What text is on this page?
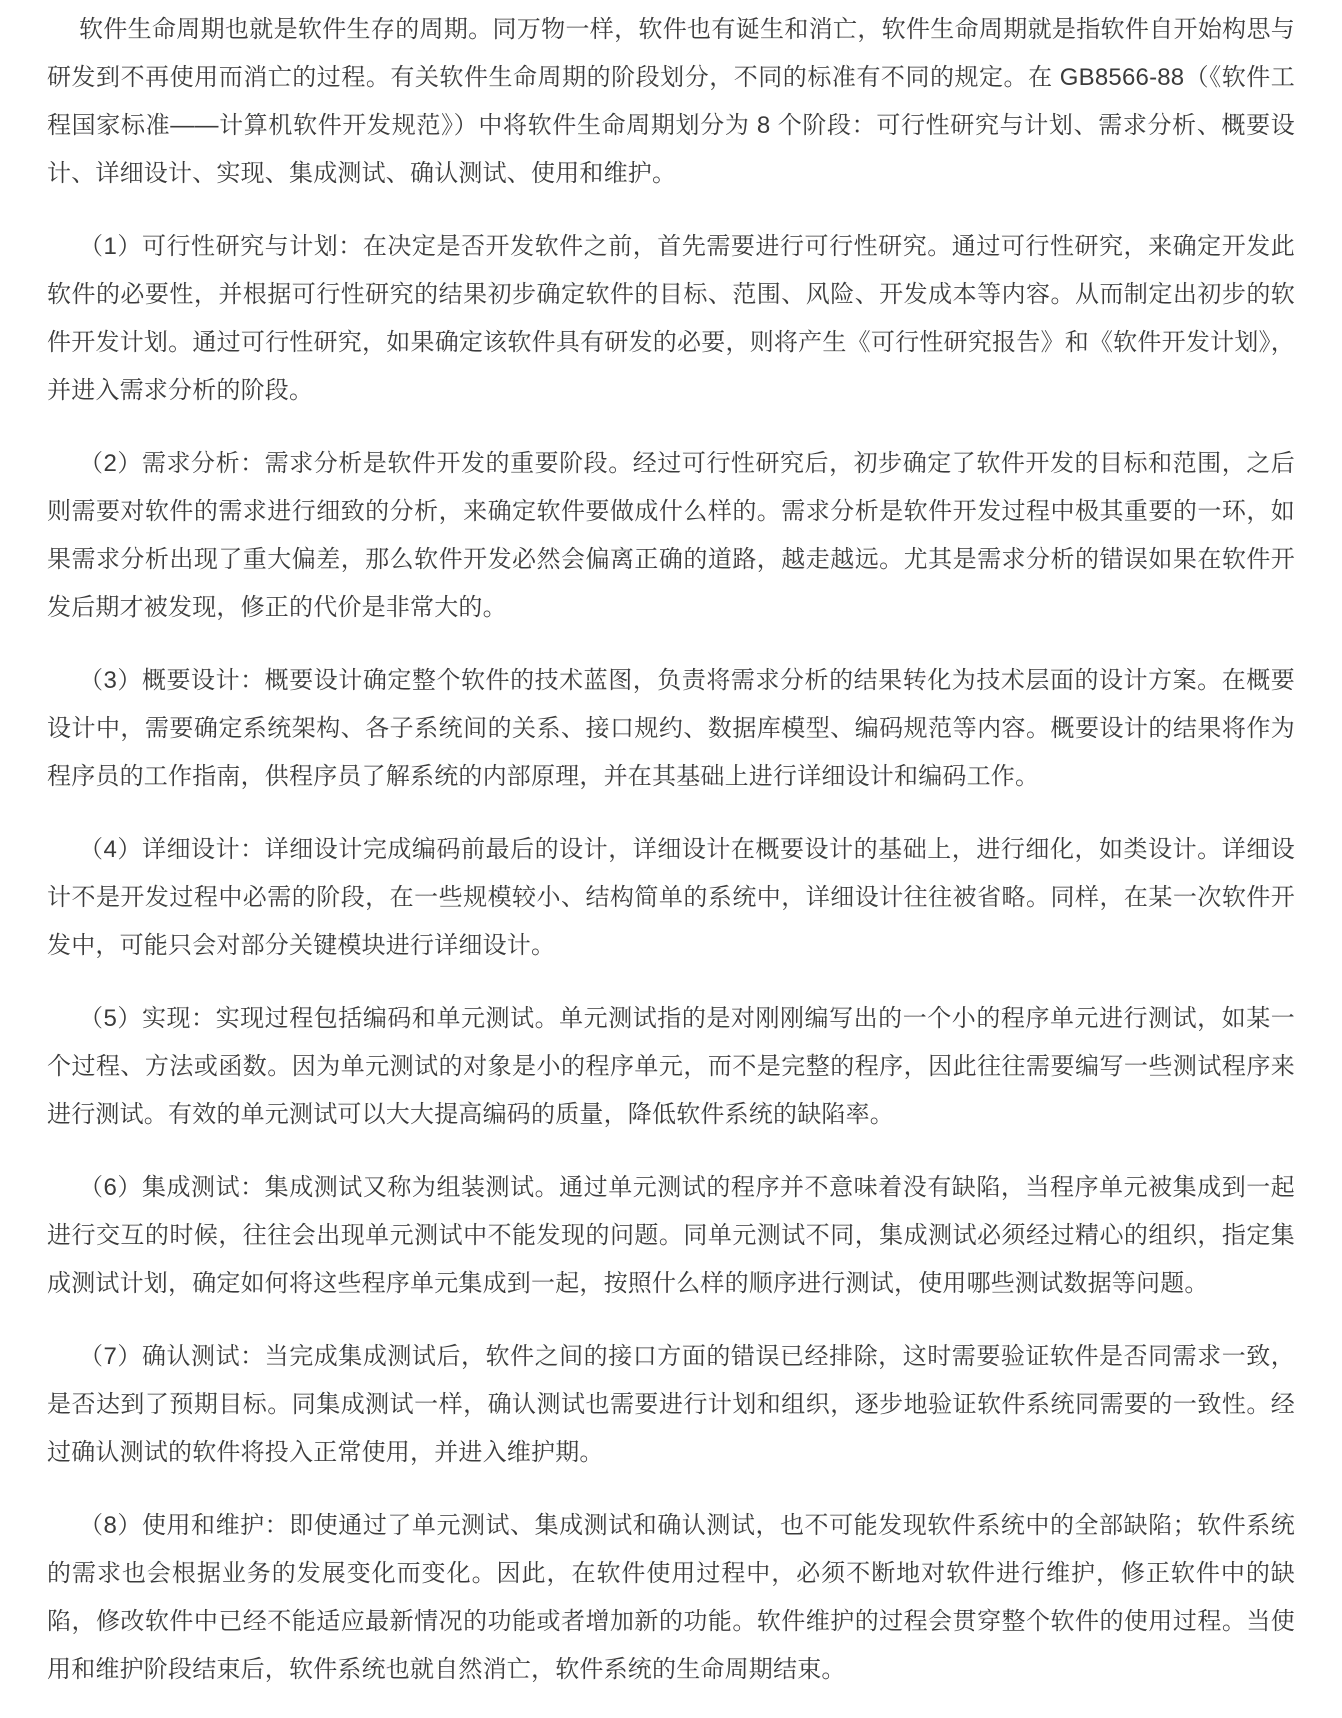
软件生命周期也就是软件生存的周期。同万物一样，软件也有诞生和消亡，软件生命周期就是指软件自开始构思与研发到不再使用而消亡的过程。有关软件生命周期的阶段划分，不同的标准有不同的规定。在 GB8566-88（《软件工程国家标准——计算机软件开发规范》）中将软件生命周期划分为 8 个阶段：可行性研究与计划、需求分析、概要设计、详细设计、实现、集成测试、确认测试、使用和维护。

（1）可行性研究与计划：在决定是否开发软件之前，首先需要进行可行性研究。通过可行性研究，来确定开发此软件的必要性，并根据可行性研究的结果初步确定软件的目标、范围、风险、开发成本等内容。从而制定出初步的软件开发计划。通过可行性研究，如果确定该软件具有研发的必要，则将产生《可行性研究报告》和《软件开发计划》，并进入需求分析的阶段。

（2）需求分析：需求分析是软件开发的重要阶段。经过可行性研究后，初步确定了软件开发的目标和范围，之后则需要对软件的需求进行细致的分析，来确定软件要做成什么样的。需求分析是软件开发过程中极其重要的一环，如果需求分析出现了重大偏差，那么软件开发必然会偏离正确的道路，越走越远。尤其是需求分析的错误如果在软件开发后期才被发现，修正的代价是非常大的。

（3）概要设计：概要设计确定整个软件的技术蓝图，负责将需求分析的结果转化为技术层面的设计方案。在概要设计中，需要确定系统架构、各子系统间的关系、接口规约、数据库模型、编码规范等内容。概要设计的结果将作为程序员的工作指南，供程序员了解系统的内部原理，并在其基础上进行详细设计和编码工作。

（4）详细设计：详细设计完成编码前最后的设计，详细设计在概要设计的基础上，进行细化，如类设计。详细设计不是开发过程中必需的阶段，在一些规模较小、结构简单的系统中，详细设计往往被省略。同样，在某一次软件开发中，可能只会对部分关键模块进行详细设计。

（5）实现：实现过程包括编码和单元测试。单元测试指的是对刚刚编写出的一个小的程序单元进行测试，如某一个过程、方法或函数。因为单元测试的对象是小的程序单元，而不是完整的程序，因此往往需要编写一些测试程序来进行测试。有效的单元测试可以大大提高编码的质量，降低软件系统的缺陷率。

（6）集成测试：集成测试又称为组装测试。通过单元测试的程序并不意味着没有缺陷，当程序单元被集成到一起进行交互的时候，往往会出现单元测试中不能发现的问题。同单元测试不同，集成测试必须经过精心的组织，指定集成测试计划，确定如何将这些程序单元集成到一起，按照什么样的顺序进行测试，使用哪些测试数据等问题。

（7）确认测试：当完成集成测试后，软件之间的接口方面的错误已经排除，这时需要验证软件是否同需求一致，是否达到了预期目标。同集成测试一样，确认测试也需要进行计划和组织，逐步地验证软件系统同需要的一致性。经过确认测试的软件将投入正常使用，并进入维护期。

（8）使用和维护：即使通过了单元测试、集成测试和确认测试，也不可能发现软件系统中的全部缺陷；软件系统的需求也会根据业务的发展变化而变化。因此，在软件使用过程中，必须不断地对软件进行维护，修正软件中的缺陷，修改软件中已经不能适应最新情况的功能或者增加新的功能。软件维护的过程会贯穿整个软件的使用过程。当使用和维护阶段结束后，软件系统也就自然消亡，软件系统的生命周期结束。
